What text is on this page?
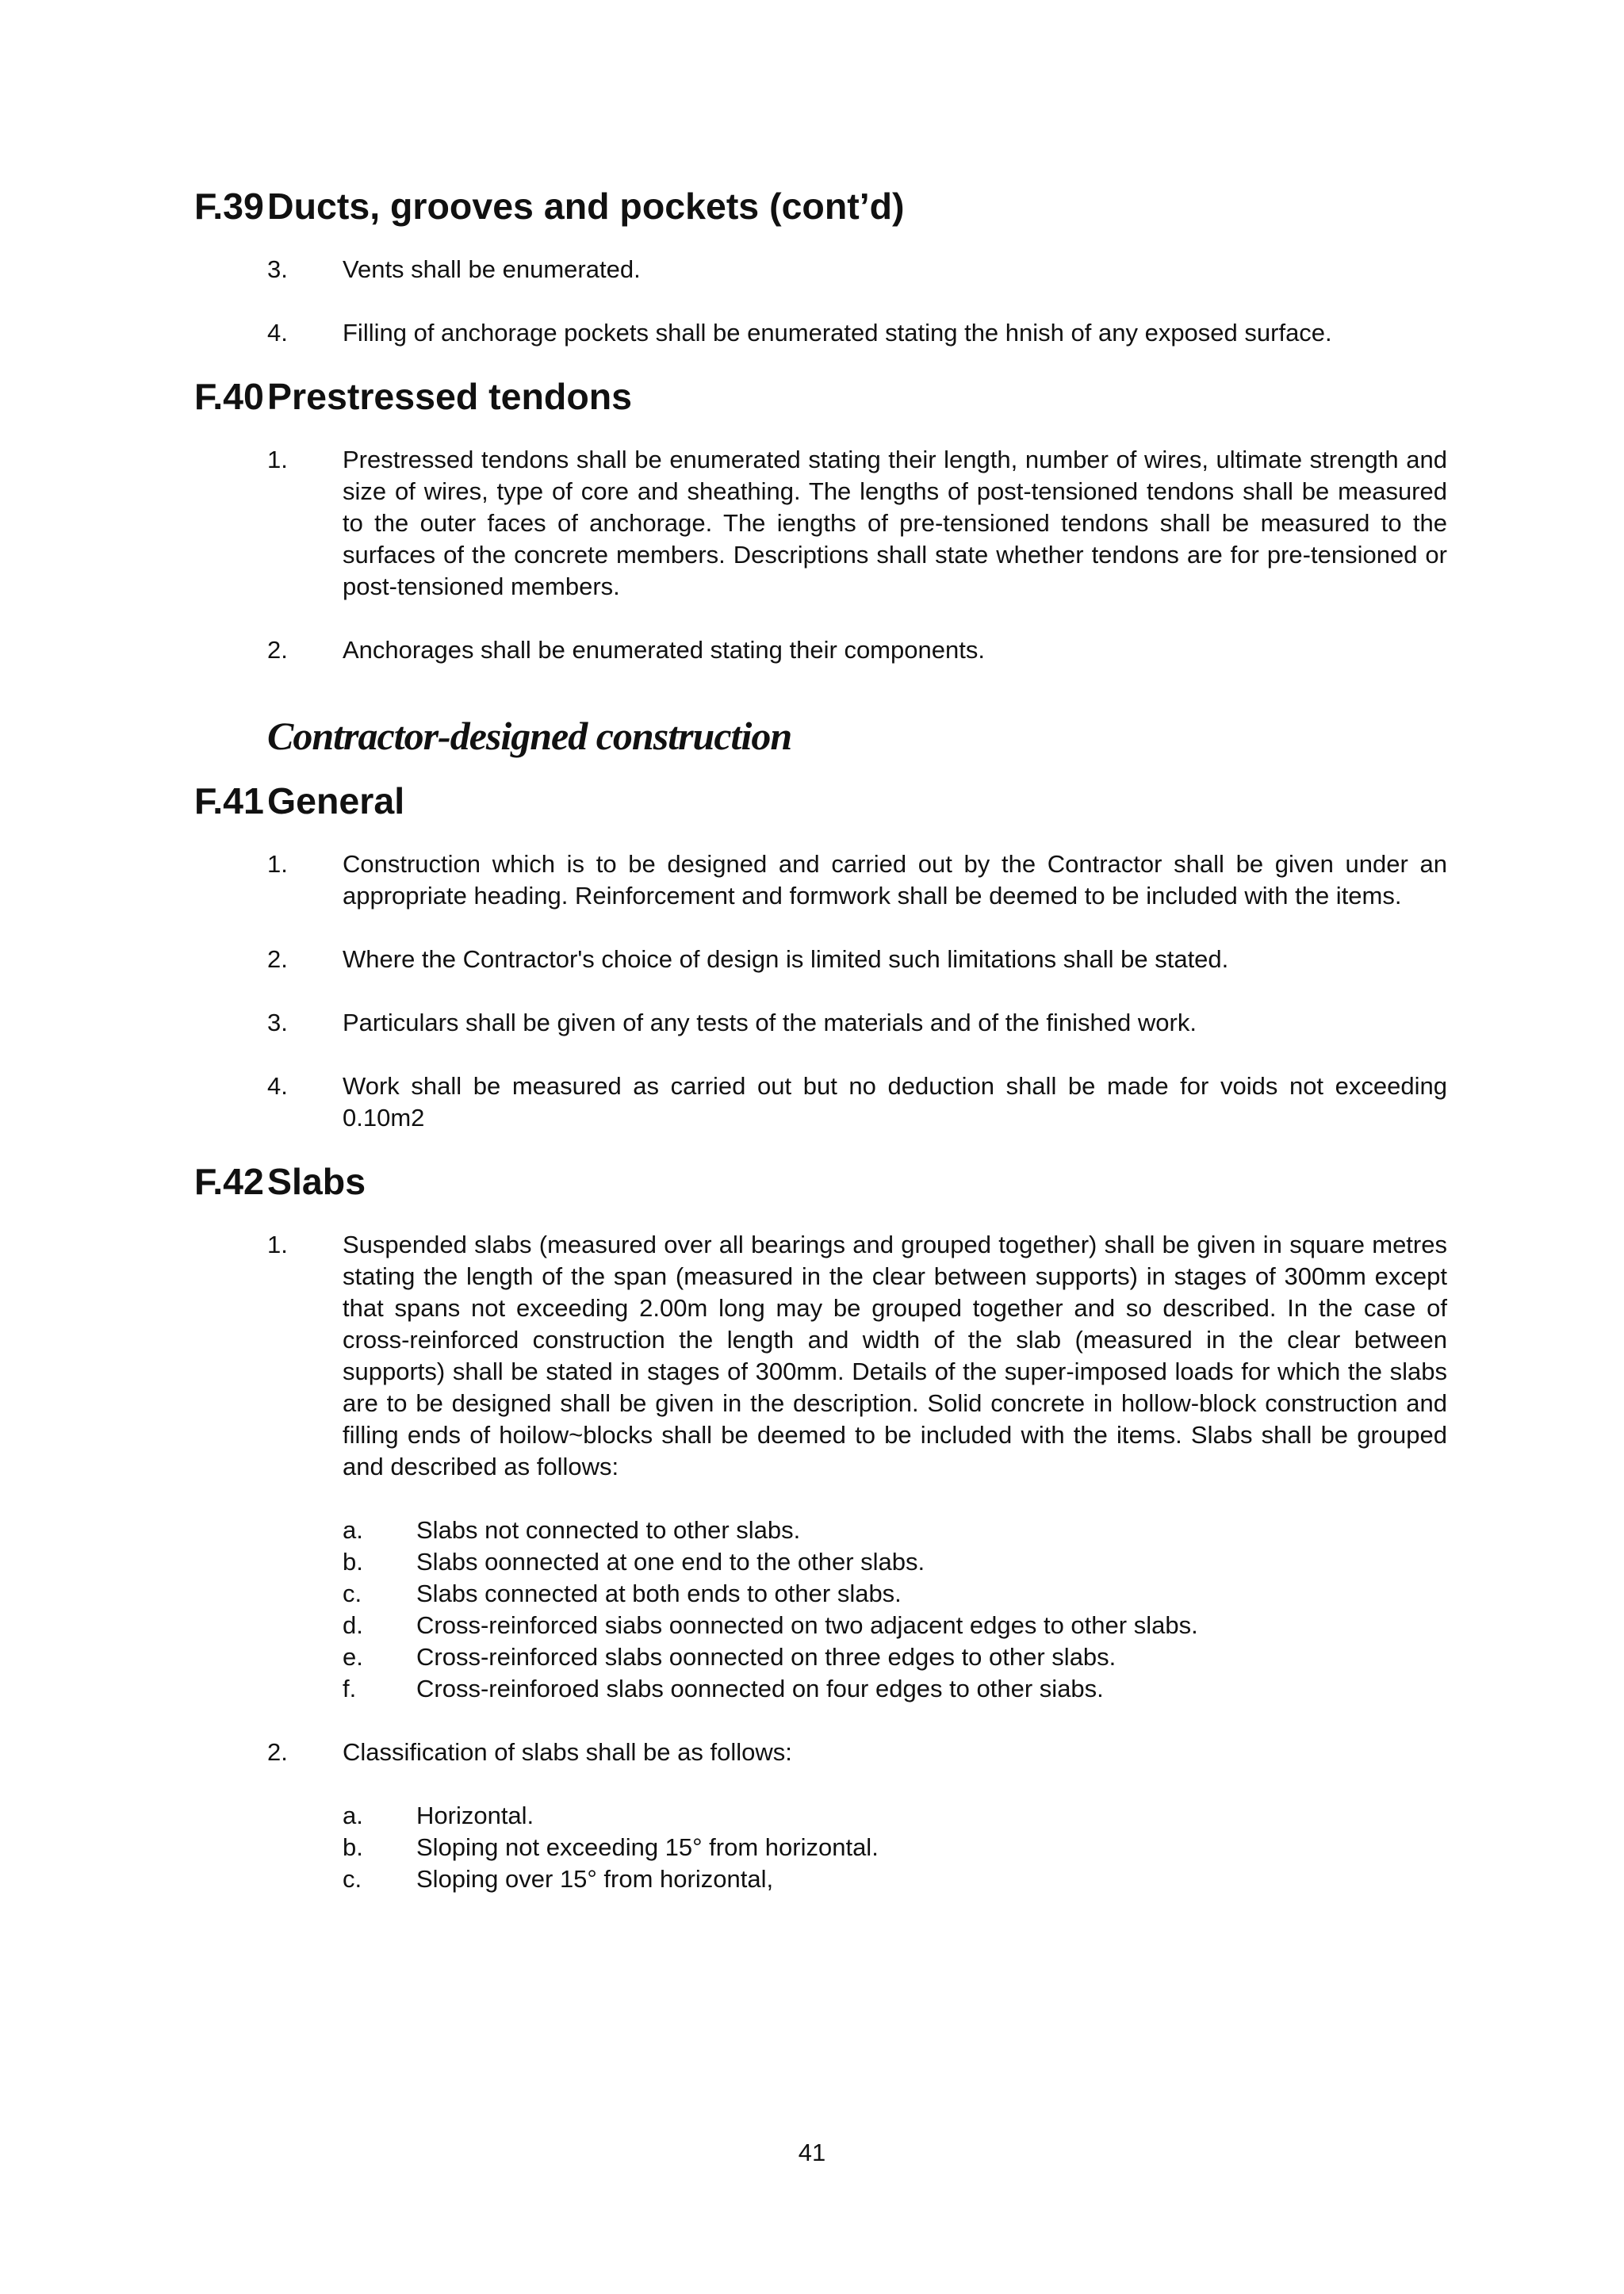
F.39 Ducts, grooves and pockets (cont’d)
3. Vents shall be enumerated.
4. Filling of anchorage pockets shall be enumerated stating the hnish of any exposed surface.
F.40 Prestressed tendons
1. Prestressed tendons shall be enumerated stating their length, number of wires, ultimate strength and size of wires, type of core and sheathing. The lengths of post-tensioned tendons shall be measured to the outer faces of anchorage. The iengths of pre-tensioned tendons shall be measured to the surfaces of the concrete members. Descriptions shall state whether tendons are for pre-tensioned or post-tensioned members.
2. Anchorages shall be enumerated stating their components.
Contractor-designed construction
F.41 General
1. Construction which is to be designed and carried out by the Contractor shall be given under an appropriate heading. Reinforcement and formwork shall be deemed to be included with the items.
2. Where the Contractor's choice of design is limited such limitations shall be stated.
3. Particulars shall be given of any tests of the materials and of the finished work.
4. Work shall be measured as carried out but no deduction shall be made for voids not exceeding 0.10m2
F.42 Slabs
1. Suspended slabs (measured over all bearings and grouped together) shall be given in square metres stating the length of the span (measured in the clear between supports) in stages of 300mm except that spans not exceeding 2.00m long may be grouped together and so described. In the case of cross-reinforced construction the length and width of the slab (measured in the clear between supports) shall be stated in stages of 300mm. Details of the super-imposed loads for which the slabs are to be designed shall be given in the description. Solid concrete in hollow-block construction and filling ends of hoilow~blocks shall be deemed to be included with the items. Slabs shall be grouped and described as follows:
a. Slabs not connected to other slabs.
b. Slabs oonnected at one end to the other slabs.
c. Slabs connected at both ends to other slabs.
d. Cross-reinforced siabs oonnected on two adjacent edges to other slabs.
e. Cross-reinforced slabs oonnected on three edges to other slabs.
f. Cross-reinforoed slabs oonnected on four edges to other siabs.
2. Classification of slabs shall be as follows:
a. Horizontal.
b. Sloping not exceeding 15° from horizontal.
c. Sloping over 15° from horizontal,
41
